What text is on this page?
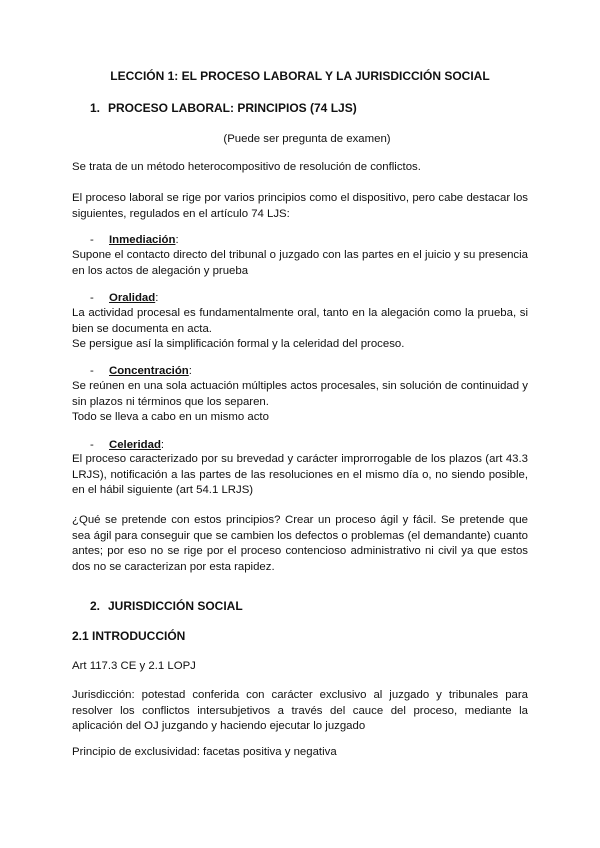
LECCIÓN 1: EL PROCESO LABORAL Y LA JURISDICCIÓN SOCIAL

1. PROCESO LABORAL: PRINCIPIOS (74 LJS)

(Puede ser pregunta de examen)

Se trata de un método heterocompositivo de resolución de conflictos.

El proceso laboral se rige por varios principios como el dispositivo, pero cabe destacar los siguientes, regulados en el artículo 74 LJS:

- Inmediación:

Supone el contacto directo del tribunal o juzgado con las partes en el juicio y su presencia en los actos de alegación y prueba

- Oralidad:

La actividad procesal es fundamentalmente oral, tanto en la alegación como la prueba, si bien se documenta en acta.

Se persigue así la simplificación formal y la celeridad del proceso.

- Concentración:

Se reúnen en una sola actuación múltiples actos procesales, sin solución de continuidad y sin plazos ni términos que los separen.

Todo se lleva a cabo en un mismo acto

- Celeridad:

El proceso caracterizado por su brevedad y carácter improrrogable de los plazos (art 43.3 LRJS), notificación a las partes de las resoluciones en el mismo día o, no siendo posible, en el hábil siguiente (art 54.1 LRJS)

¿Qué se pretende con estos principios? Crear un proceso ágil y fácil. Se pretende que sea ágil para conseguir que se cambien los defectos o problemas (el demandante) cuanto antes; por eso no se rige por el proceso contencioso administrativo ni civil ya que estos dos no se caracterizan por esta rapidez.

2. JURISDICCIÓN SOCIAL

2.1 INTRODUCCIÓN

Art 117.3 CE y 2.1 LOPJ

Jurisdicción: potestad conferida con carácter exclusivo al juzgado y tribunales para resolver los conflictos intersubjetivos a través del cauce del proceso, mediante la aplicación del OJ juzgando y haciendo ejecutar lo juzgado

Principio de exclusividad: facetas positiva y negativa
